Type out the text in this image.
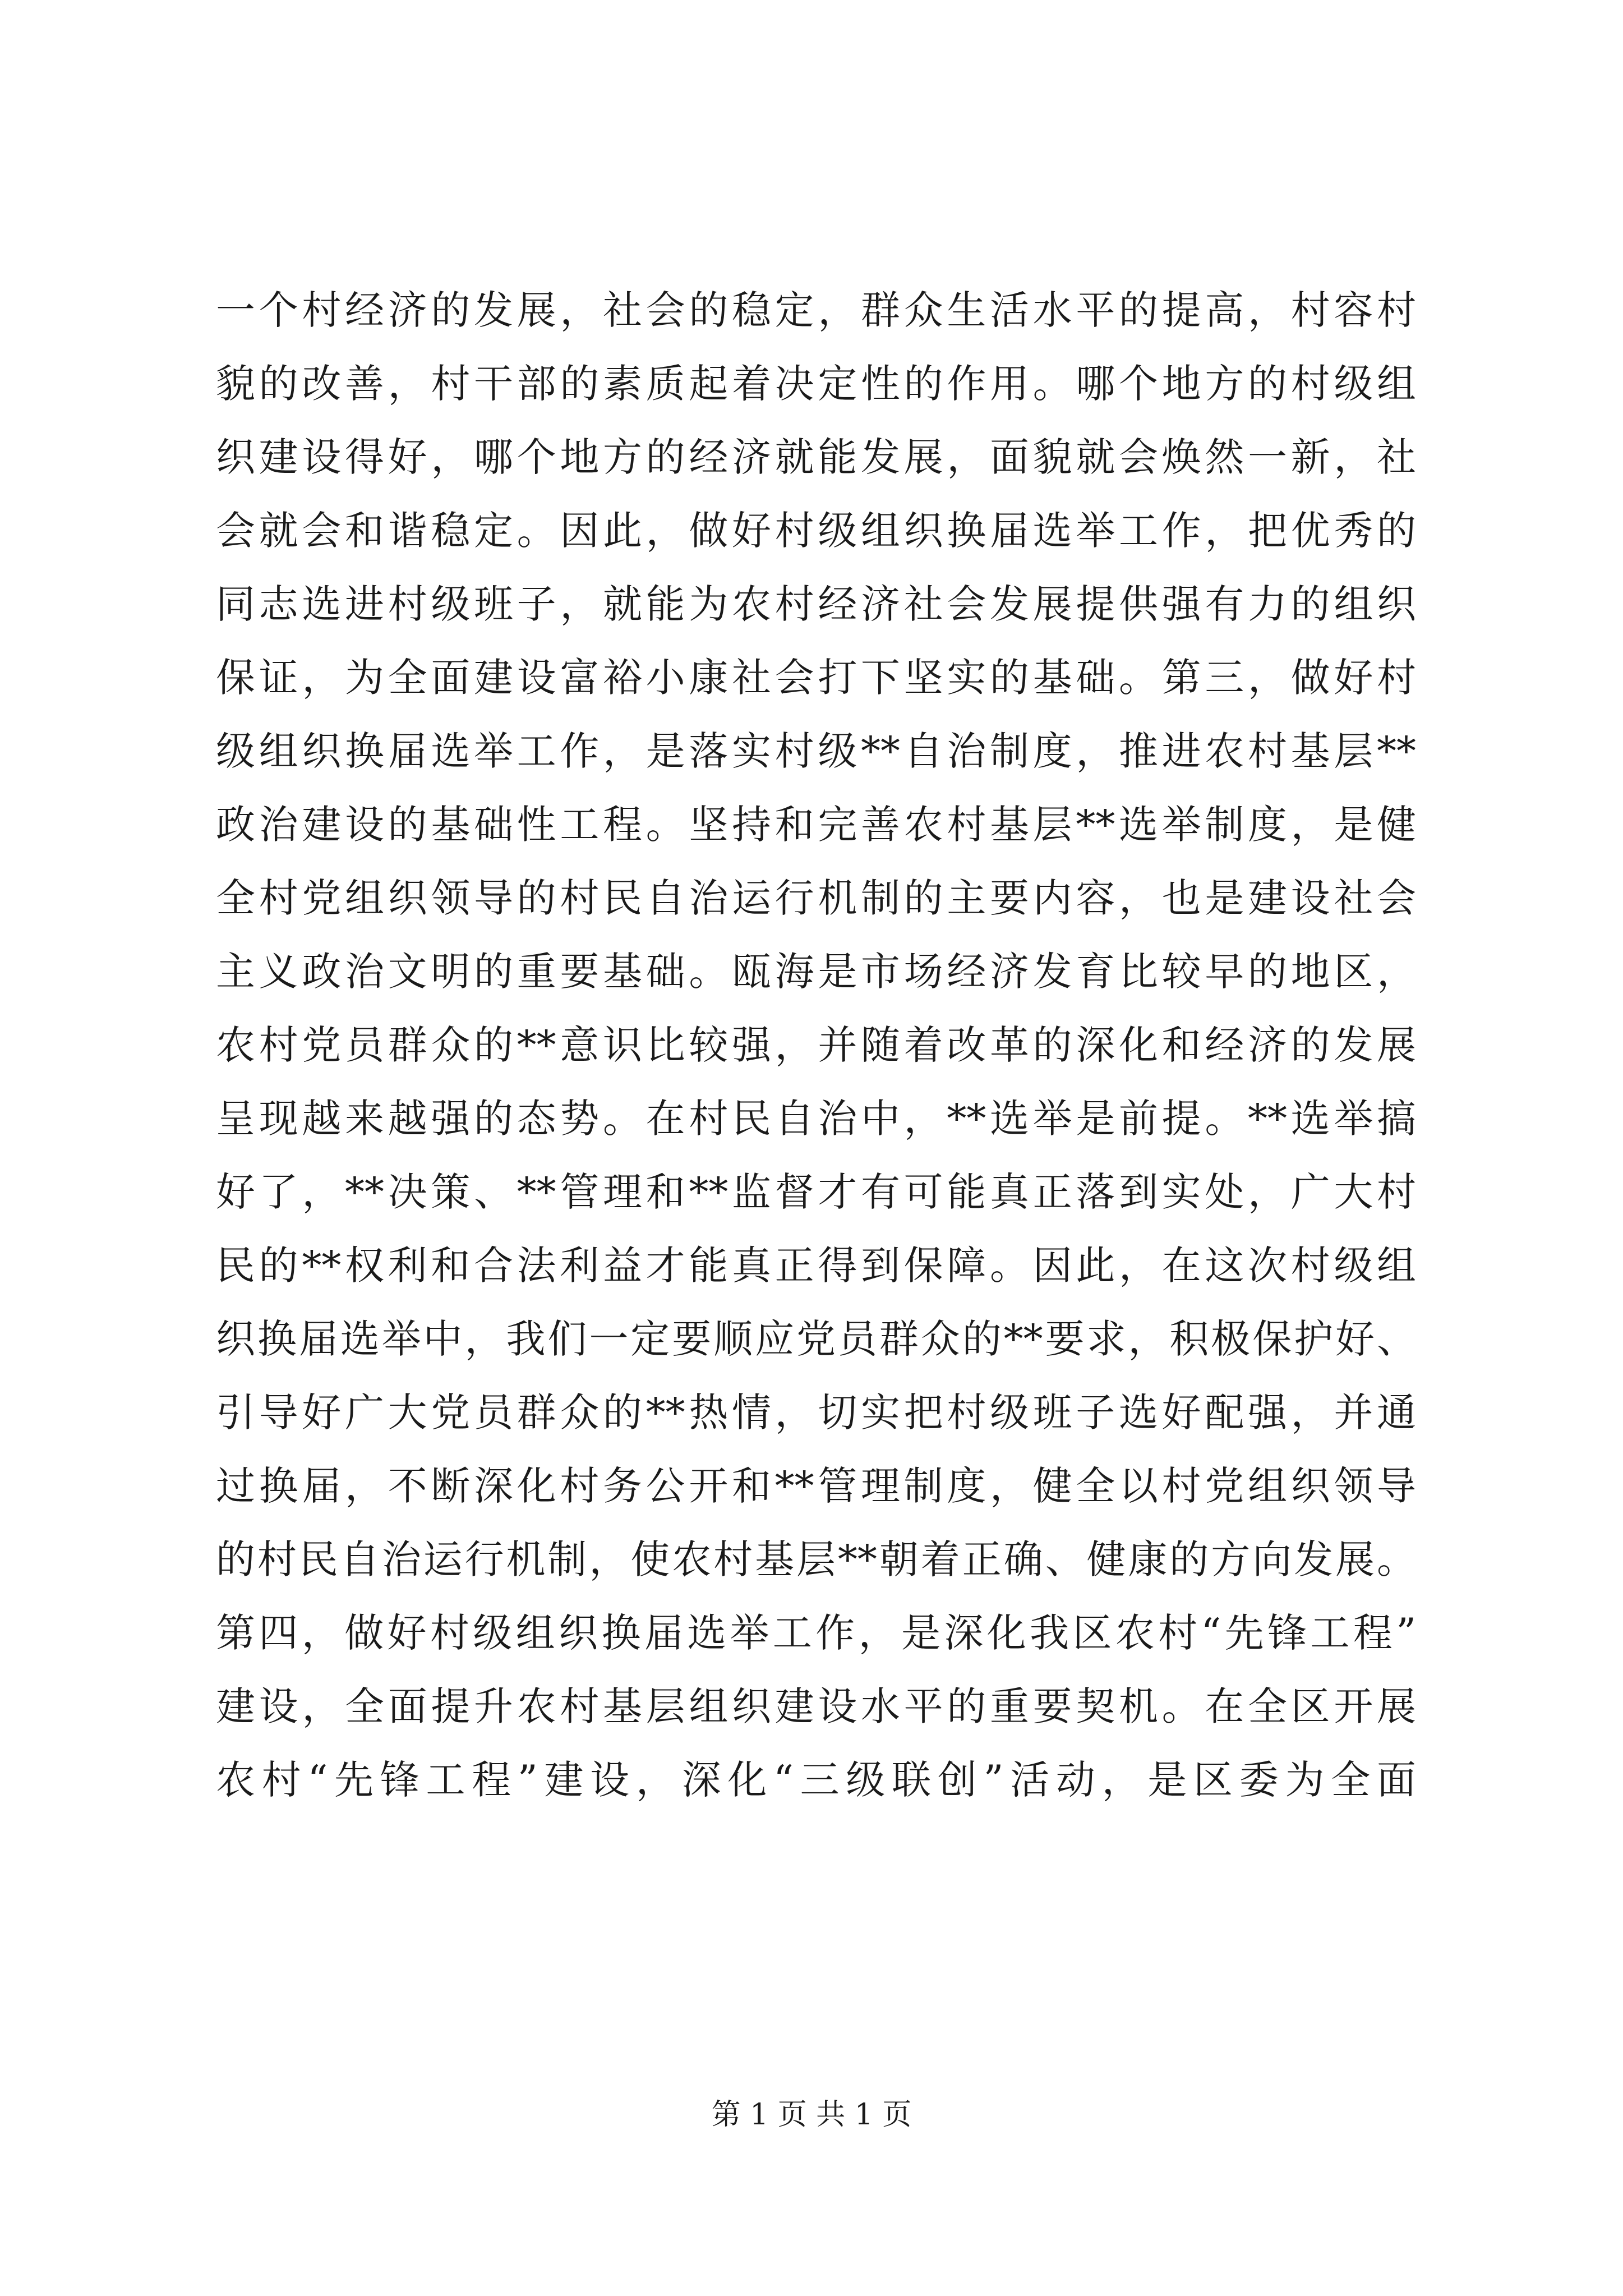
一个村经济的发展，社会的稳定，群众生活水平的提高，村容村
貌的改善，村干部的素质起着决定性的作用。哪个地方的村级组
织建设得好，哪个地方的经济就能发展，面貌就会焕然一新，社
会就会和谐稳定。因此，做好村级组织换届选举工作，把优秀的
同志选进村级班子，就能为农村经济社会发展提供强有力的组织
保证，为全面建设富裕小康社会打下坚实的基础。第三，做好村
级组织换届选举工作，是落实村级**自治制度，推进农村基层**
政治建设的基础性工程。坚持和完善农村基层**选举制度，是健
全村党组织领导的村民自治运行机制的主要内容，也是建设社会
主义政治文明的重要基础。瓯海是市场经济发育比较早的地区，
农村党员群众的**意识比较强，并随着改革的深化和经济的发展
呈现越来越强的态势。在村民自治中，**选举是前提。**选举搞
好了，**决策、**管理和**监督才有可能真正落到实处，广大村
民的**权利和合法利益才能真正得到保障。因此，在这次村级组
织换届选举中，我们一定要顺应党员群众的**要求，积极保护好、
引导好广大党员群众的**热情，切实把村级班子选好配强，并通
过换届，不断深化村务公开和**管理制度，健全以村党组织领导
的村民自治运行机制，使农村基层**朝着正确、健康的方向发展。
第四，做好村级组织换届选举工作，是深化我区农村“先锋工程”
建设，全面提升农村基层组织建设水平的重要契机。在全区开展
农村“先锋工程”建设，深化“三级联创”活动，是区委为全面
第 1 页 共 1 页
